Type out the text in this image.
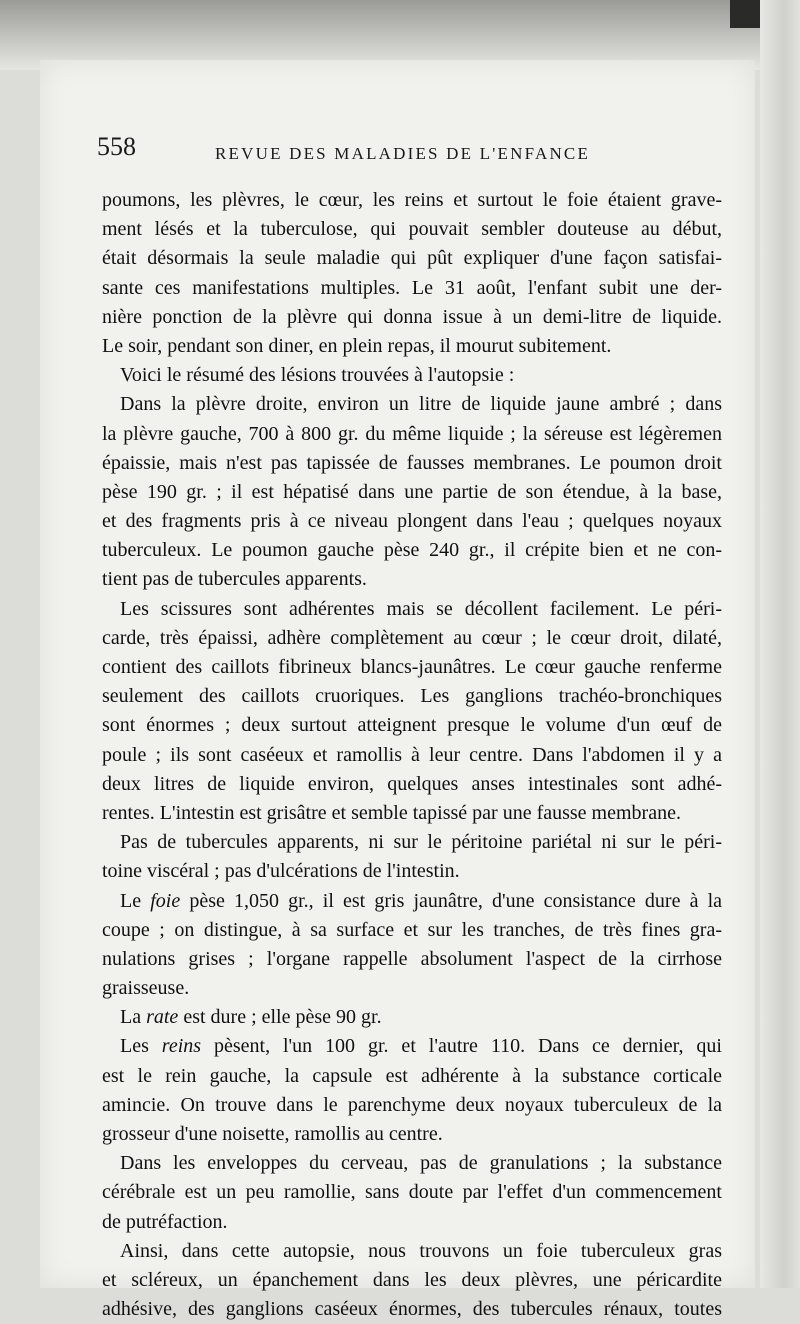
558	REVUE DES MALADIES DE L'ENFANCE
poumons, les plèvres, le cœur, les reins et surtout le foie étaient grave-
ment lésés et la tuberculose, qui pouvait sembler douteuse au début,
était désormais la seule maladie qui pût expliquer d'une façon satisfai-
sante ces manifestations multiples. Le 31 août, l'enfant subit une der-
nière ponction de la plèvre qui donna issue à un demi-litre de liquide.
Le soir, pendant son diner, en plein repas, il mourut subitement.
Voici le résumé des lésions trouvées à l'autopsie :
Dans la plèvre droite, environ un litre de liquide jaune ambré ; dans
la plèvre gauche, 700 à 800 gr. du même liquide ; la séreuse est légèremen
épaissie, mais n'est pas tapissée de fausses membranes. Le poumon droit
pèse 190 gr. ; il est hépatisé dans une partie de son étendue, à la base,
et des fragments pris à ce niveau plongent dans l'eau ; quelques noyaux
tuberculeux. Le poumon gauche pèse 240 gr., il crépite bien et ne con-
tient pas de tubercules apparents.
Les scissures sont adhérentes mais se décollent facilement. Le péri-
carde, très épaissi, adhère complètement au cœur ; le cœur droit, dilaté,
contient des caillots fibrineux blancs-jaunâtres. Le cœur gauche renferme
seulement des caillots cruoriques. Les ganglions trachéo-bronchiques
sont énormes ; deux surtout atteignent presque le volume d'un œuf de
poule ; ils sont caséeux et ramollis à leur centre. Dans l'abdomen il y a
deux litres de liquide environ, quelques anses intestinales sont adhé-
rentes. L'intestin est grisâtre et semble tapissé par une fausse membrane.
Pas de tubercules apparents, ni sur le péritoine pariétal ni sur le péri-
toine viscéral ; pas d'ulcérations de l'intestin.
Le foie pèse 1,050 gr., il est gris jaunâtre, d'une consistance dure à la
coupe ; on distingue, à sa surface et sur les tranches, de très fines gra-
nulations grises ; l'organe rappelle absolument l'aspect de la cirrhose
graisseuse.
La rate est dure ; elle pèse 90 gr.
Les reins pèsent, l'un 100 gr. et l'autre 110. Dans ce dernier, qui
est le rein gauche, la capsule est adhérente à la substance corticale
amincie. On trouve dans le parenchyme deux noyaux tuberculeux de la
grosseur d'une noisette, ramollis au centre.
Dans les enveloppes du cerveau, pas de granulations ; la substance
cérébrale est un peu ramollie, sans doute par l'effet d'un commencement
de putréfaction.
Ainsi, dans cette autopsie, nous trouvons un foie tuberculeux gras
et scléreux, un épanchement dans les deux plèvres, une péricardite
adhésive, des ganglions caséeux énormes, des tubercules rénaux, toutes
